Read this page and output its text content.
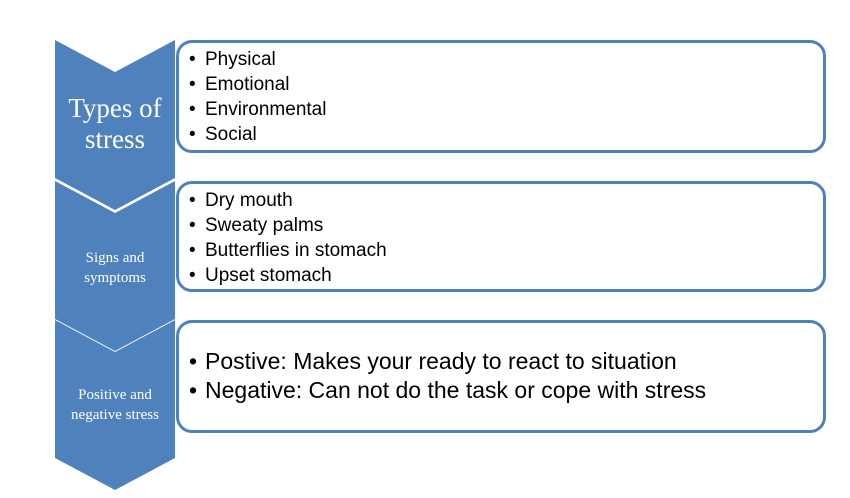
Types of
stress
Signs and
symptoms
Positive and
negative stress
• Physical
• Emotional
• Environmental
• Social
• Dry mouth
• Sweaty palms
• Butterflies in stomach
• Upset stomach
• Postive: Makes your ready to react to situation
• Negative: Can not do the task or cope with stress
